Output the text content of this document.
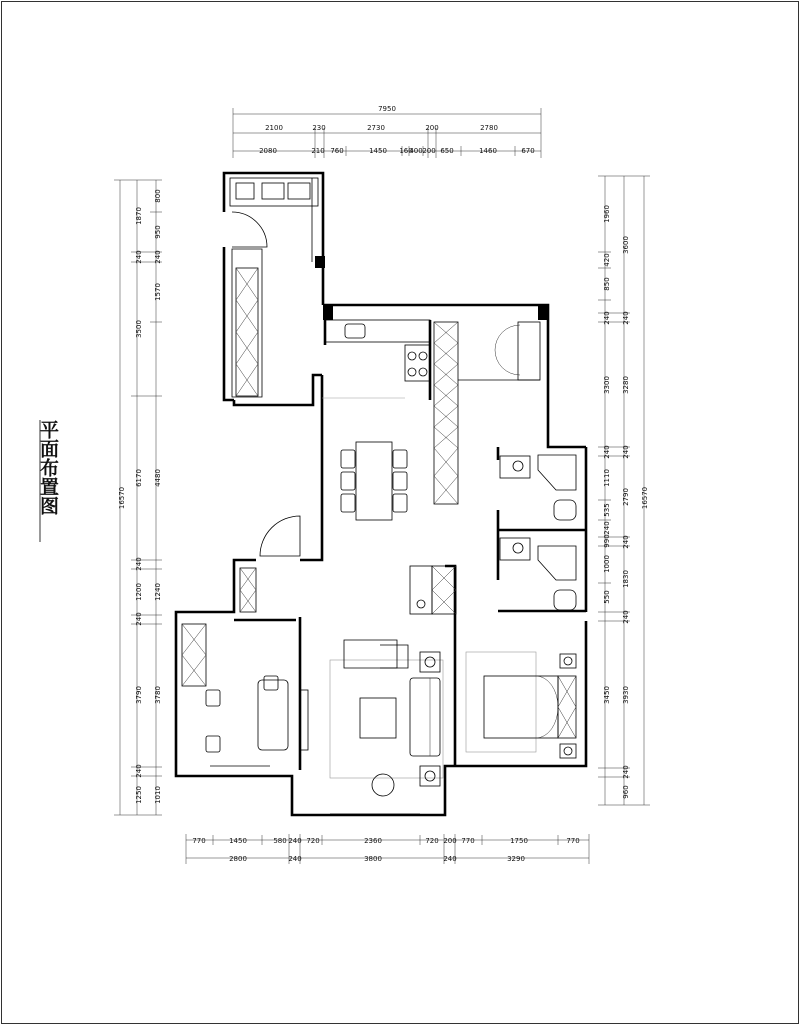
平面布置图
7950
2100	230	2730	200	2780
2080	210 760	1450 160
400 200 650	1460	670
770	1450	580 240 720	2360	720 200 770	1750	770
2800	240	3800	240	3290
16570
1870
240
3500
6170
240
1200
240
3790
240
1250
800
950
240
1570
4480
1240
3780
1010
16570
3600
240
3280
240
2790
240
1830
240
3930
240
960
1960
420
850
240
3300
240
1110
535
240
990
1000
550
3450
